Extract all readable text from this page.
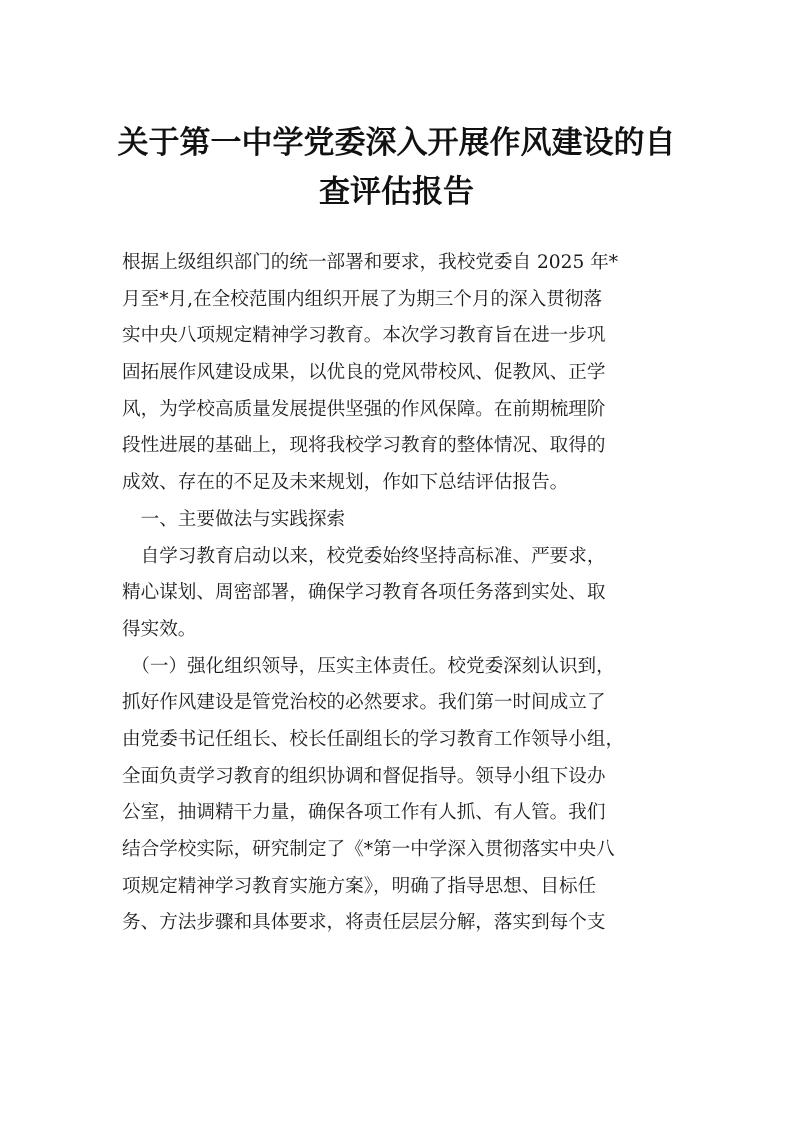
关于第一中学党委深入开展作风建设的自
查评估报告
根据上级组织部门的统一部署和要求，我校党委自 2025 年*
月至*月,在全校范围内组织开展了为期三个月的深入贯彻落
实中央八项规定精神学习教育。本次学习教育旨在进一步巩
固拓展作风建设成果，以优良的党风带校风、促教风、正学
风，为学校高质量发展提供坚强的作风保障。在前期梳理阶
段性进展的基础上，现将我校学习教育的整体情况、取得的
成效、存在的不足及未来规划，作如下总结评估报告。
　一、主要做法与实践探索
　自学习教育启动以来，校党委始终坚持高标准、严要求，
精心谋划、周密部署，确保学习教育各项任务落到实处、取
得实效。
　（一）强化组织领导，压实主体责任。校党委深刻认识到，
抓好作风建设是管党治校的必然要求。我们第一时间成立了
由党委书记任组长、校长任副组长的学习教育工作领导小组，
全面负责学习教育的组织协调和督促指导。领导小组下设办
公室，抽调精干力量，确保各项工作有人抓、有人管。我们
结合学校实际，研究制定了《*第一中学深入贯彻落实中央八
项规定精神学习教育实施方案》，明确了指导思想、目标任
务、方法步骤和具体要求，将责任层层分解，落实到每个支
